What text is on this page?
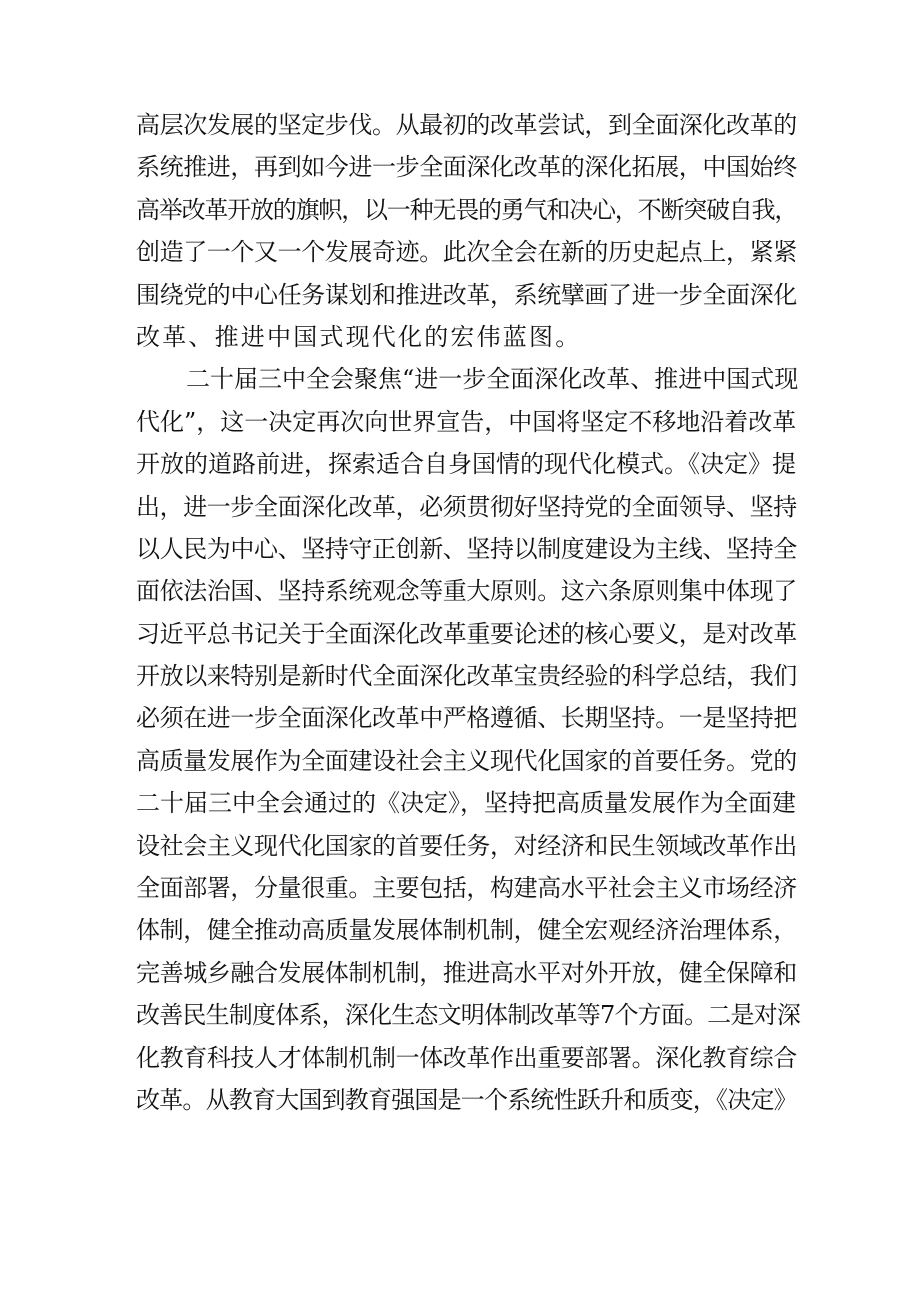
高层次发展的坚定步伐。从最初的改革尝试，到全面深化改革的
系统推进，再到如今进一步全面深化改革的深化拓展，中国始终
高举改革开放的旗帜，以一种无畏的勇气和决心，不断突破自我，
创造了一个又一个发展奇迹。此次全会在新的历史起点上，紧紧
围绕党的中心任务谋划和推进改革，系统擘画了进一步全面深化
改革、推进中国式现代化的宏伟蓝图。
二十届三中全会聚焦“进一步全面深化改革、推进中国式现
代化”，这一决定再次向世界宣告，中国将坚定不移地沿着改革
开放的道路前进，探索适合自身国情的现代化模式。《决定》提
出，进一步全面深化改革，必须贯彻好坚持党的全面领导、坚持
以人民为中心、坚持守正创新、坚持以制度建设为主线、坚持全
面依法治国、坚持系统观念等重大原则。这六条原则集中体现了
习近平总书记关于全面深化改革重要论述的核心要义，是对改革
开放以来特别是新时代全面深化改革宝贵经验的科学总结，我们
必须在进一步全面深化改革中严格遵循、长期坚持。一是坚持把
高质量发展作为全面建设社会主义现代化国家的首要任务。党的
二十届三中全会通过的《决定》，坚持把高质量发展作为全面建
设社会主义现代化国家的首要任务，对经济和民生领域改革作出
全面部署，分量很重。主要包括，构建高水平社会主义市场经济
体制，健全推动高质量发展体制机制，健全宏观经济治理体系，
完善城乡融合发展体制机制，推进高水平对外开放，健全保障和
改善民生制度体系，深化生态文明体制改革等7个方面。二是对深
化教育科技人才体制机制一体改革作出重要部署。深化教育综合
改革。从教育大国到教育强国是一个系统性跃升和质变，《决定》
